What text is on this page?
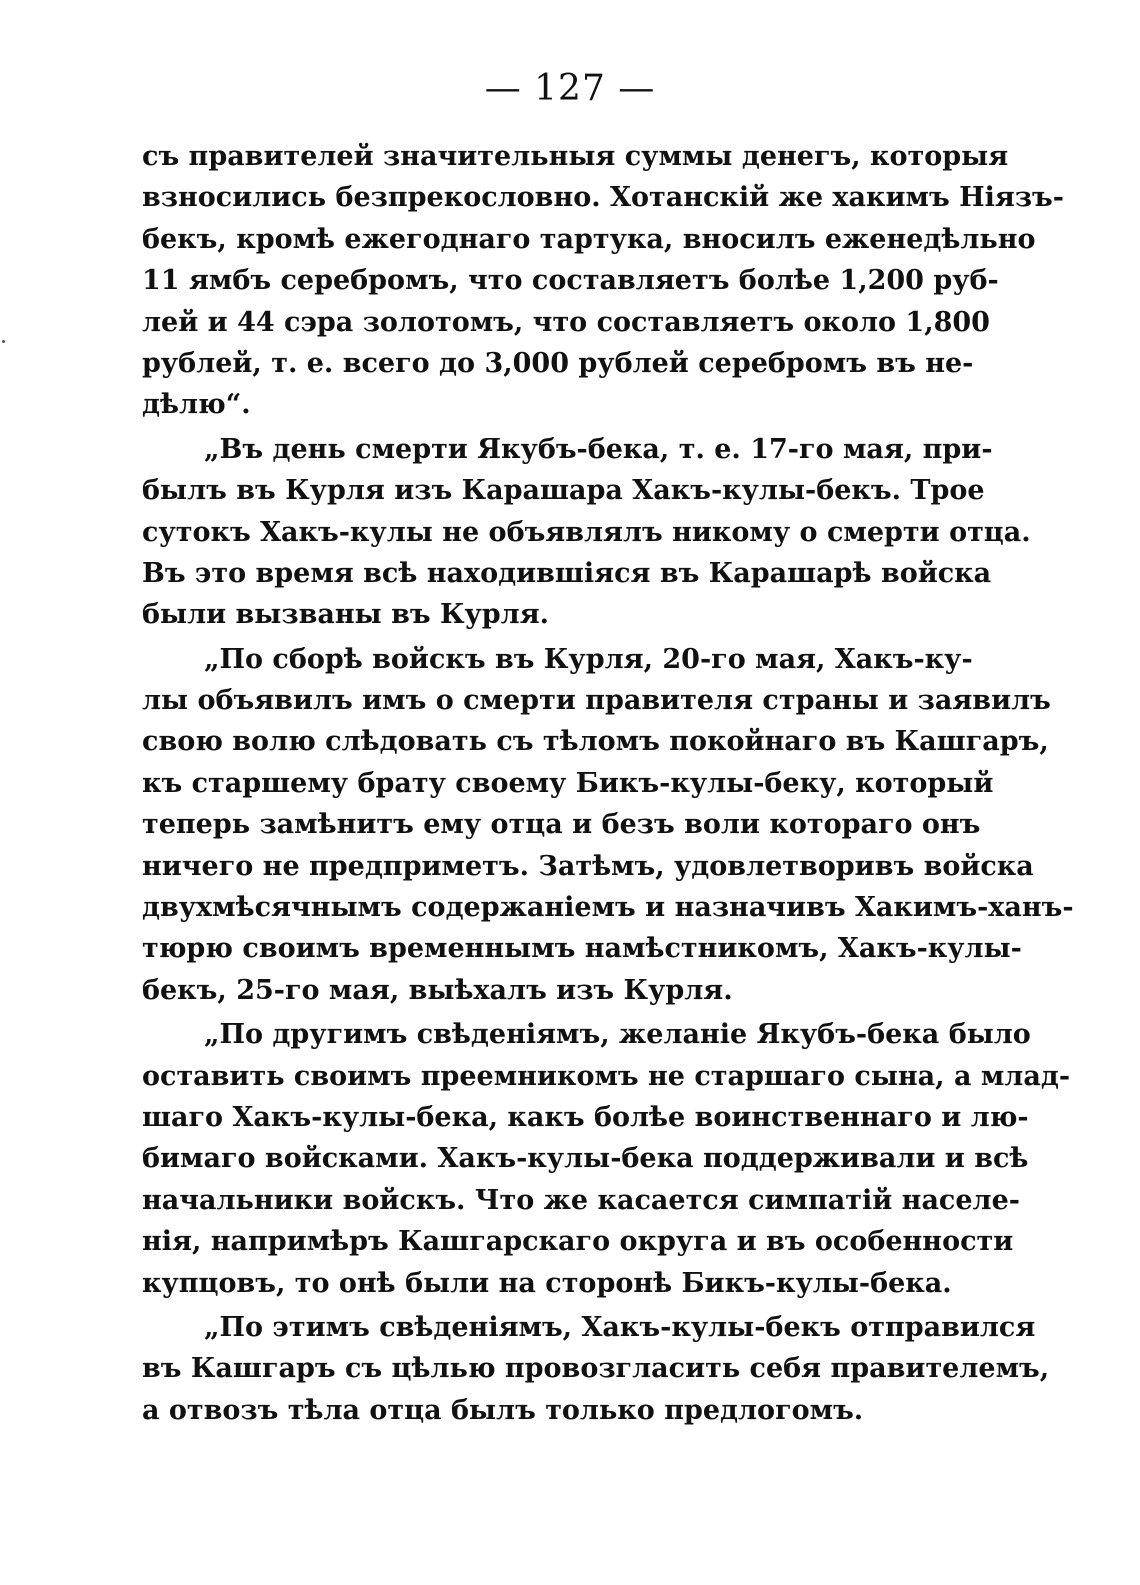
— 127 —
съ правителей значительныя суммы денегъ, которыя
взносились безпрекословно. Хотанскій же хакимъ Ніязъ-
бекъ, кромѣ ежегоднаго тартука, вносилъ еженедѣльно
11 ямбъ серебромъ, что составляетъ болѣе 1,200 руб-
лей и 44 сэра золотомъ, что составляетъ около 1,800
рублей, т. е. всего до 3,000 рублей серебромъ въ не-
дѣлю“.
„Въ день смерти Якубъ-бека, т. е. 17-го мая, при-
былъ въ Курля изъ Карашара Хакъ-кулы-бекъ. Трое
сутокъ Хакъ-кулы не объявлялъ никому о смерти отца.
Въ это время всѣ находившіяся въ Карашарѣ войска
были вызваны въ Курля.
„По сборѣ войскъ въ Курля, 20-го мая, Хакъ-ку-
лы объявилъ имъ о смерти правителя страны и заявилъ
свою волю слѣдовать съ тѣломъ покойнаго въ Кашгаръ,
къ старшему брату своему Бикъ-кулы-беку, который
теперь замѣнитъ ему отца и безъ воли котораго онъ
ничего не предприметъ. Затѣмъ, удовлетворивъ войска
двухмѣсячнымъ содержаніемъ и назначивъ Хакимъ-ханъ-
тюрю своимъ временнымъ намѣстникомъ, Хакъ-кулы-
бекъ, 25-го мая, выѣхалъ изъ Курля.
„По другимъ свѣденіямъ, желаніе Якубъ-бека было
оставить своимъ преемникомъ не старшаго сына, а млад-
шаго Хакъ-кулы-бека, какъ болѣе воинственнаго и лю-
бимаго войсками. Хакъ-кулы-бека поддерживали и всѣ
начальники войскъ. Что же касается симпатій населе-
нія, напримѣръ Кашгарскаго округа и въ особенности
купцовъ, то онѣ были на сторонѣ Бикъ-кулы-бека.
„По этимъ свѣденіямъ, Хакъ-кулы-бекъ отправился
въ Кашгаръ съ цѣлью провозгласить себя правителемъ,
а отвозъ тѣла отца былъ только предлогомъ.
